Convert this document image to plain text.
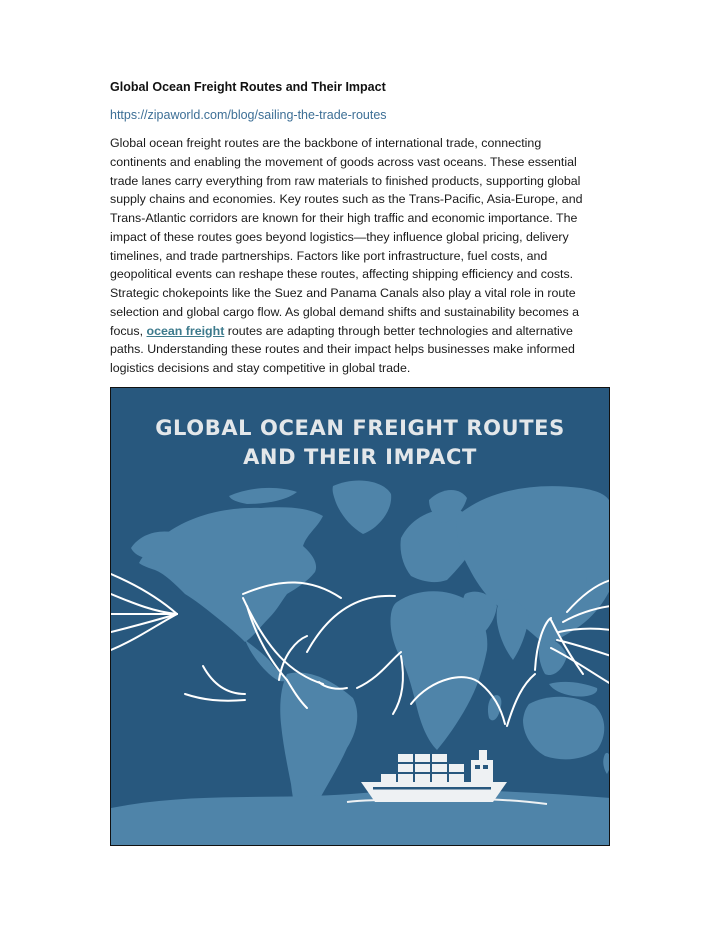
Global Ocean Freight Routes and Their Impact
https://zipaworld.com/blog/sailing-the-trade-routes
Global ocean freight routes are the backbone of international trade, connecting
continents and enabling the movement of goods across vast oceans. These essential
trade lanes carry everything from raw materials to finished products, supporting global
supply chains and economies. Key routes such as the Trans-Pacific, Asia-Europe, and
Trans-Atlantic corridors are known for their high traffic and economic importance. The
impact of these routes goes beyond logistics—they influence global pricing, delivery
timelines, and trade partnerships. Factors like port infrastructure, fuel costs, and
geopolitical events can reshape these routes, affecting shipping efficiency and costs.
Strategic chokepoints like the Suez and Panama Canals also play a vital role in route
selection and global cargo flow. As global demand shifts and sustainability becomes a
focus, ocean freight routes are adapting through better technologies and alternative
paths. Understanding these routes and their impact helps businesses make informed
logistics decisions and stay competitive in global trade.
GLOBAL OCEAN FREIGHT ROUTES
AND THEIR IMPACT
